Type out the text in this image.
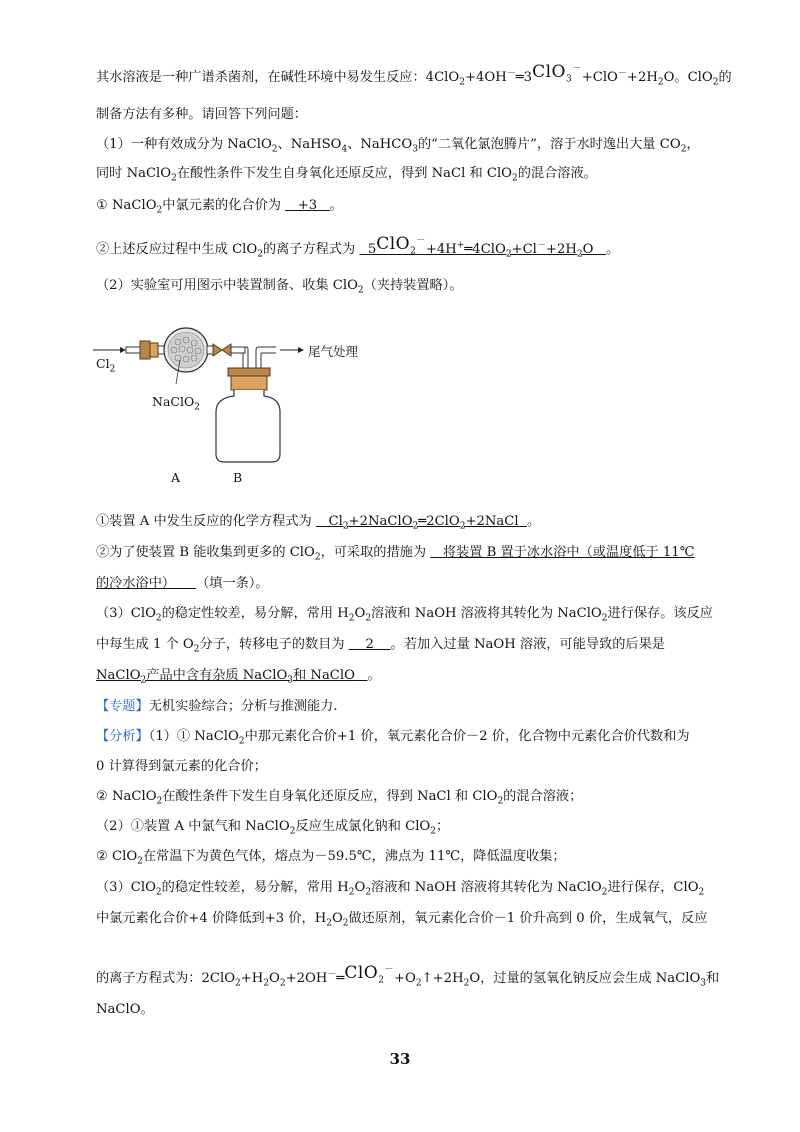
其水溶液是一种广谱杀菌剂，在碱性环境中易发生反应：$4ClO_2+4OH^-═3ClO_3^-+ClO^-+2H_2O$。ClO$_2$的
制备方法有多种。请回答下列问题：
（1）一种有效成分为 NaClO$_2$、NaHSO$_4$、NaHCO$_3$的“二氧化氯泡腾片”，溶于水时逸出大量 $CO_2$，
同时 NaClO$_2$在酸性条件下发生自身氧化还原反应，得到 NaCl 和 ClO$_2$的混合溶液。
① NaClO$_2$中氯元素的化合价为 +3 。
②上述反应过程中生成 ClO$_2$的离子方程式为 $5ClO_2^-+4H^+═4ClO_2+Cl^-+2H_2O$ 。
（2）实验室可用图示中装置制备、收集 ClO$_2$（夹持装置略）。
$Cl_2$
NaClO$_2$
尾气处理
A	B
①装置 A 中发生反应的化学方程式为 $Cl_2+2NaClO_2═2ClO_2+2NaCl$ 。
②为了使装置 B 能收集到更多的 ClO$_2$，可采取的措施为 将装置 B 置于冰水浴中（或温度低于 11℃
的冷水浴中） （填一条）。
（3）ClO$_2$的稳定性较差，易分解，常用 $H_2O_2$溶液和 NaOH 溶液将其转化为 NaClO$_2$进行保存。该反应
中每生成 1 个 $O_2$分子，转移电子的数目为 2 。若加入过量 NaOH 溶液，可能导致的后果是
NaClO$_2$产品中含有杂质 NaClO$_3$和 NaClO 。
【专题】无机实验综合；分析与推测能力.
【分析】（1）① NaClO$_2$中那元素化合价+1 价，氧元素化合价－2 价，化合物中元素化合价代数和为
0 计算得到氯元素的化合价；
② NaClO$_2$在酸性条件下发生自身氧化还原反应，得到 NaCl 和 ClO$_2$的混合溶液；
（2）①装置 A 中氯气和 NaClO$_2$反应生成氯化钠和 ClO$_2$；
② ClO$_2$在常温下为黄色气体，熔点为－59.5℃，沸点为 11℃，降低温度收集；
（3）ClO$_2$的稳定性较差，易分解，常用 $H_2O_2$溶液和 NaOH 溶液将其转化为 NaClO$_2$进行保存，ClO$_2$
中氯元素化合价+4 价降低到+3 价，$H_2O_2$做还原剂，氧元素化合价－1 价升高到 0 价，生成氧气，反应
的离子方程式为：$2ClO_2+H_2O_2+2OH^-═ClO_2^-+O_2↑+2H_2O$，过量的氢氧化钠反应会生成 NaClO$_3$和
NaClO。
33
